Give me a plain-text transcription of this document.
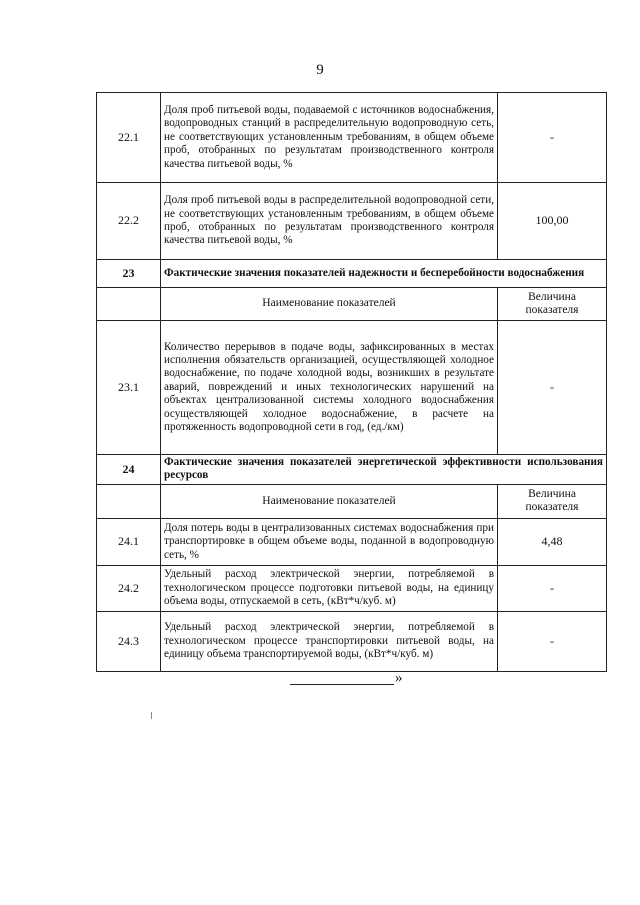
9
22.1	Доля проб питьевой воды, подаваемой с источников водоснабжения, водопроводных станций в распределительную водопроводную сеть, не соответствующих установленным требованиям, в общем объеме проб, отобранных по результатам производственного контроля качества питьевой воды, %	-
22.2	Доля проб питьевой воды в распределительной водопроводной сети, не соответствующих установленным требованиям, в общем объеме проб, отобранных по результатам производственного контроля качества питьевой воды, %	100,00
23	Фактические значения показателей надежности и бесперебойности водоснабжения	
	Наименование показателей	Величина показателя
23.1	Количество перерывов в подаче воды, зафиксированных в местах исполнения обязательств организацией, осуществляющей холодное водоснабжение, по подаче холодной воды, возникших в результате аварий, повреждений и иных технологических нарушений на объектах централизованной системы холодного водоснабжения осуществляющей холодное водоснабжение, в расчете на протяженность водопроводной сети в год, (ед./км)	-
24	Фактические значения показателей энергетической эффективности использования ресурсов	
	Наименование показателей	Величина показателя
24.1	Доля потерь воды в централизованных системах водоснабжения при транспортировке в общем объеме воды, поданной в водопроводную сеть, %	4,48
24.2	Удельный расход электрической энергии, потребляемой в технологическом процессе подготовки питьевой воды, на единицу объема воды, отпускаемой в сеть, (кВт*ч/куб. м)	-
24.3	Удельный расход электрической энергии, потребляемой в технологическом процессе транспортировки питьевой воды, на единицу объема транспортируемой воды, (кВт*ч/куб. м)	-
»
